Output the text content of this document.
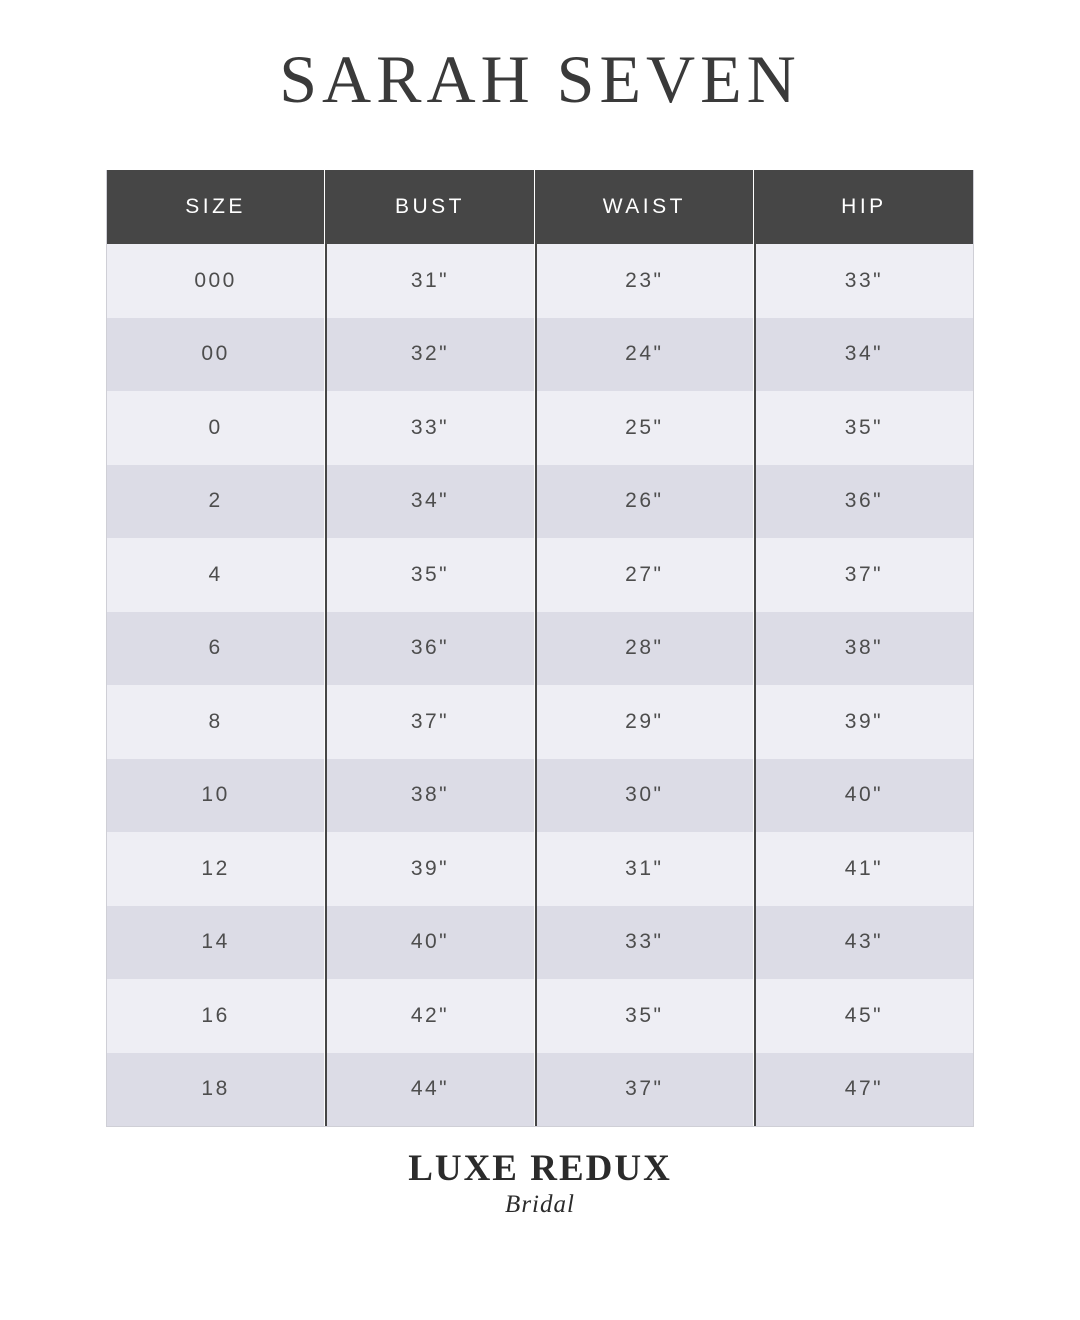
SARAH SEVEN
SIZE	BUST	WAIST	HIP
000	31"	23"	33"
00	32"	24"	34"
0	33"	25"	35"
2	34"	26"	36"
4	35"	27"	37"
6	36"	28"	38"
8	37"	29"	39"
10	38"	30"	40"
12	39"	31"	41"
14	40"	33"	43"
16	42"	35"	45"
18	44"	37"	47"
LUXE REDUX
Bridal
